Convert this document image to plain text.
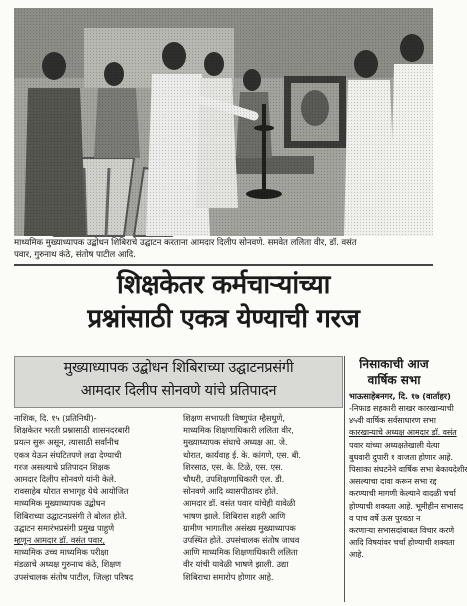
माध्यमिक मुख्याध्यापक उद्बोधन शिबिराचे उद्घाटन करताना आमदार दिलीप सोनवणे. समवेत ललिता वीर, डॉ. वसंत
पवार, गुरुनाथ कंठे, संतोष पाटील आदि.
शिक्षकेतर कर्मचाऱ्यांच्या
प्रश्नांसाठी एकत्र येण्याची गरज
मुख्याध्यापक उद्बोधन शिबिराच्या उद्घाटनप्रसंगी
आमदार दिलीप सोनवणे यांचे प्रतिपादन

नाशिक, दि. १५ (प्रतिनिधी)-

शिक्षकेतर भरती प्रश्नासाठी शासनदरबारी

प्रयत्न सुरू असून, त्यासाठी सर्वांनीच

एकत्र येऊन संघटितपणे लढा देण्याची

गरज असल्याचे प्रतिपादन शिक्षक

आमदार दिलीप सोनवणे यांनी केले.

रावसाहेब थोरात सभागृह येथे आयोजित

माध्यमिक मुख्याध्यापक उद्बोधन

शिबिराच्या उद्घाटनप्रसंगी ते बोलत होते.

उद्घाटन समारंभप्रसंगी प्रमुख पाहुणे

म्हणून आमदार डॉ. वसंत पवार,

माध्यमिक उच्च माध्यमिक परीक्षा

मंडळाचे अध्यक्ष गुरुनाथ कंठे, शिक्षण

उपसंचालक संतोष पाटील, जिल्हा परिषद

शिक्षण सभापती विष्णुपंत म्हैसधुणे,

माध्यमिक शिक्षणाधिकारी ललिता वीर,

मुख्याध्यापक संघाचे अध्यक्ष आ. जे.

थोरात, कार्यवाह ई. के. कांगणे, एस. बी.

शिरसाठ, एस. के. टिळे, एस. एस.

चौधरी, उपशिक्षणाधिकारी एल. डी.

सोनवणे आदि व्यासपीठावर होते.

आमदार डॉ. वसंत पवार यांचेही यावेळी

भाषण झाले. शिबिरास शहरी आणि

ग्रामीण भागातील असंख्य मुख्याध्यापक

उपस्थित होते. उपसंचालक संतोष जाधव

आणि माध्यमिक शिक्षणाधिकारी ललिता

वीर यांची यावेळी भाषणे झाली. उद्या

शिबिराचा समारोप होणार आहे.

निसाकाची आज
वार्षिक सभा
भाऊसाहेबनगर, दि. १७ (वार्ताहर)

-निफाड सहकारी साखर कारखान्याची

४५वी वार्षिक सर्वसाधारण सभा

कारखान्याचे अध्यक्ष आमदार डॉ. वसंत

पवार यांच्या अध्यक्षतेखाली येत्या

बुधवारी दुपारी १ वाजता होणार आहे.

पिसाका संघटनेने वार्षिक सभा बेकायदेशीर

असल्याचा दावा करून सभा रद्द

करण्याची मागणी केल्याने वादळी चर्चा

होण्याची शक्यता आहे. भूमीहीन सभासद

व पाच वर्षे ऊस पुरवठा न

करणाऱ्या सभासदांबाबत विचार करणे

आदि विषयांवर चर्चा होण्याची शक्यता

आहे.
